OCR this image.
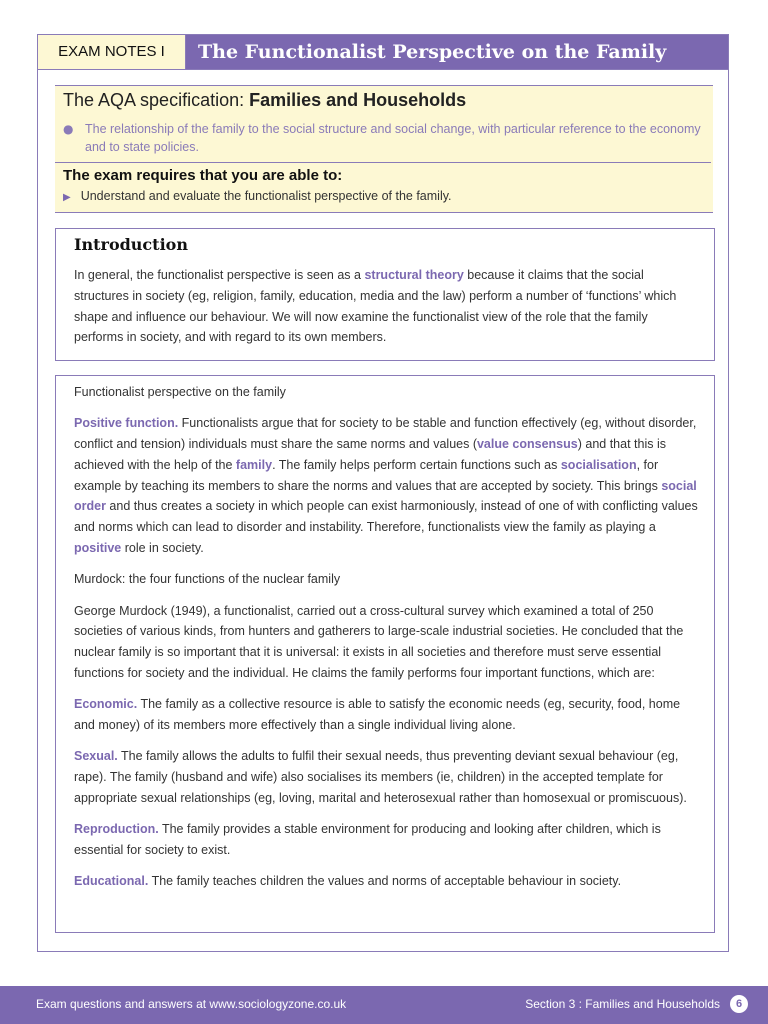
EXAM NOTES I	The Functionalist Perspective on the Family
The AQA specification: Families and Households
● The relationship of the family to the social structure and social change, with particular reference to the economy and to state policies.
The exam requires that you are able to:
▶ Understand and evaluate the functionalist perspective of the family.
Introduction

In general, the functionalist perspective is seen as a structural theory because it claims that the social structures in society (eg, religion, family, education, media and the law) perform a number of ‘functions’ which shape and influence our behaviour. We will now examine the functionalist view of the role that the family performs in society, and with regard to its own members.

Functionalist perspective on the family

Positive function. Functionalists argue that for society to be stable and function effectively (eg, without disorder, conflict and tension) individuals must share the same norms and values (value consensus) and that this is achieved with the help of the family. The family helps perform certain functions such as socialisation, for example by teaching its members to share the norms and values that are accepted by society. This brings social order and thus creates a society in which people can exist harmoniously, instead of one of with conflicting values and norms which can lead to disorder and instability. Therefore, functionalists view the family as playing a positive role in society.

Murdock: the four functions of the nuclear family

George Murdock (1949), a functionalist, carried out a cross-cultural survey which examined a total of 250 societies of various kinds, from hunters and gatherers to large-scale industrial societies. He concluded that the nuclear family is so important that it is universal: it exists in all societies and therefore must serve essential functions for society and the individual. He claims the family performs four important functions, which are:

Economic. The family as a collective resource is able to satisfy the economic needs (eg, security, food, home and money) of its members more effectively than a single individual living alone.

Sexual. The family allows the adults to fulfil their sexual needs, thus preventing deviant sexual behaviour (eg, rape). The family (husband and wife) also socialises its members (ie, children) in the accepted template for appropriate sexual relationships (eg, loving, marital and heterosexual rather than homosexual or promiscuous).

Reproduction. The family provides a stable environment for producing and looking after children, which is essential for society to exist.

Educational. The family teaches children the values and norms of acceptable behaviour in society.

Exam questions and answers at www.sociologyzone.co.uk	Section 3 : Families and Households	6
